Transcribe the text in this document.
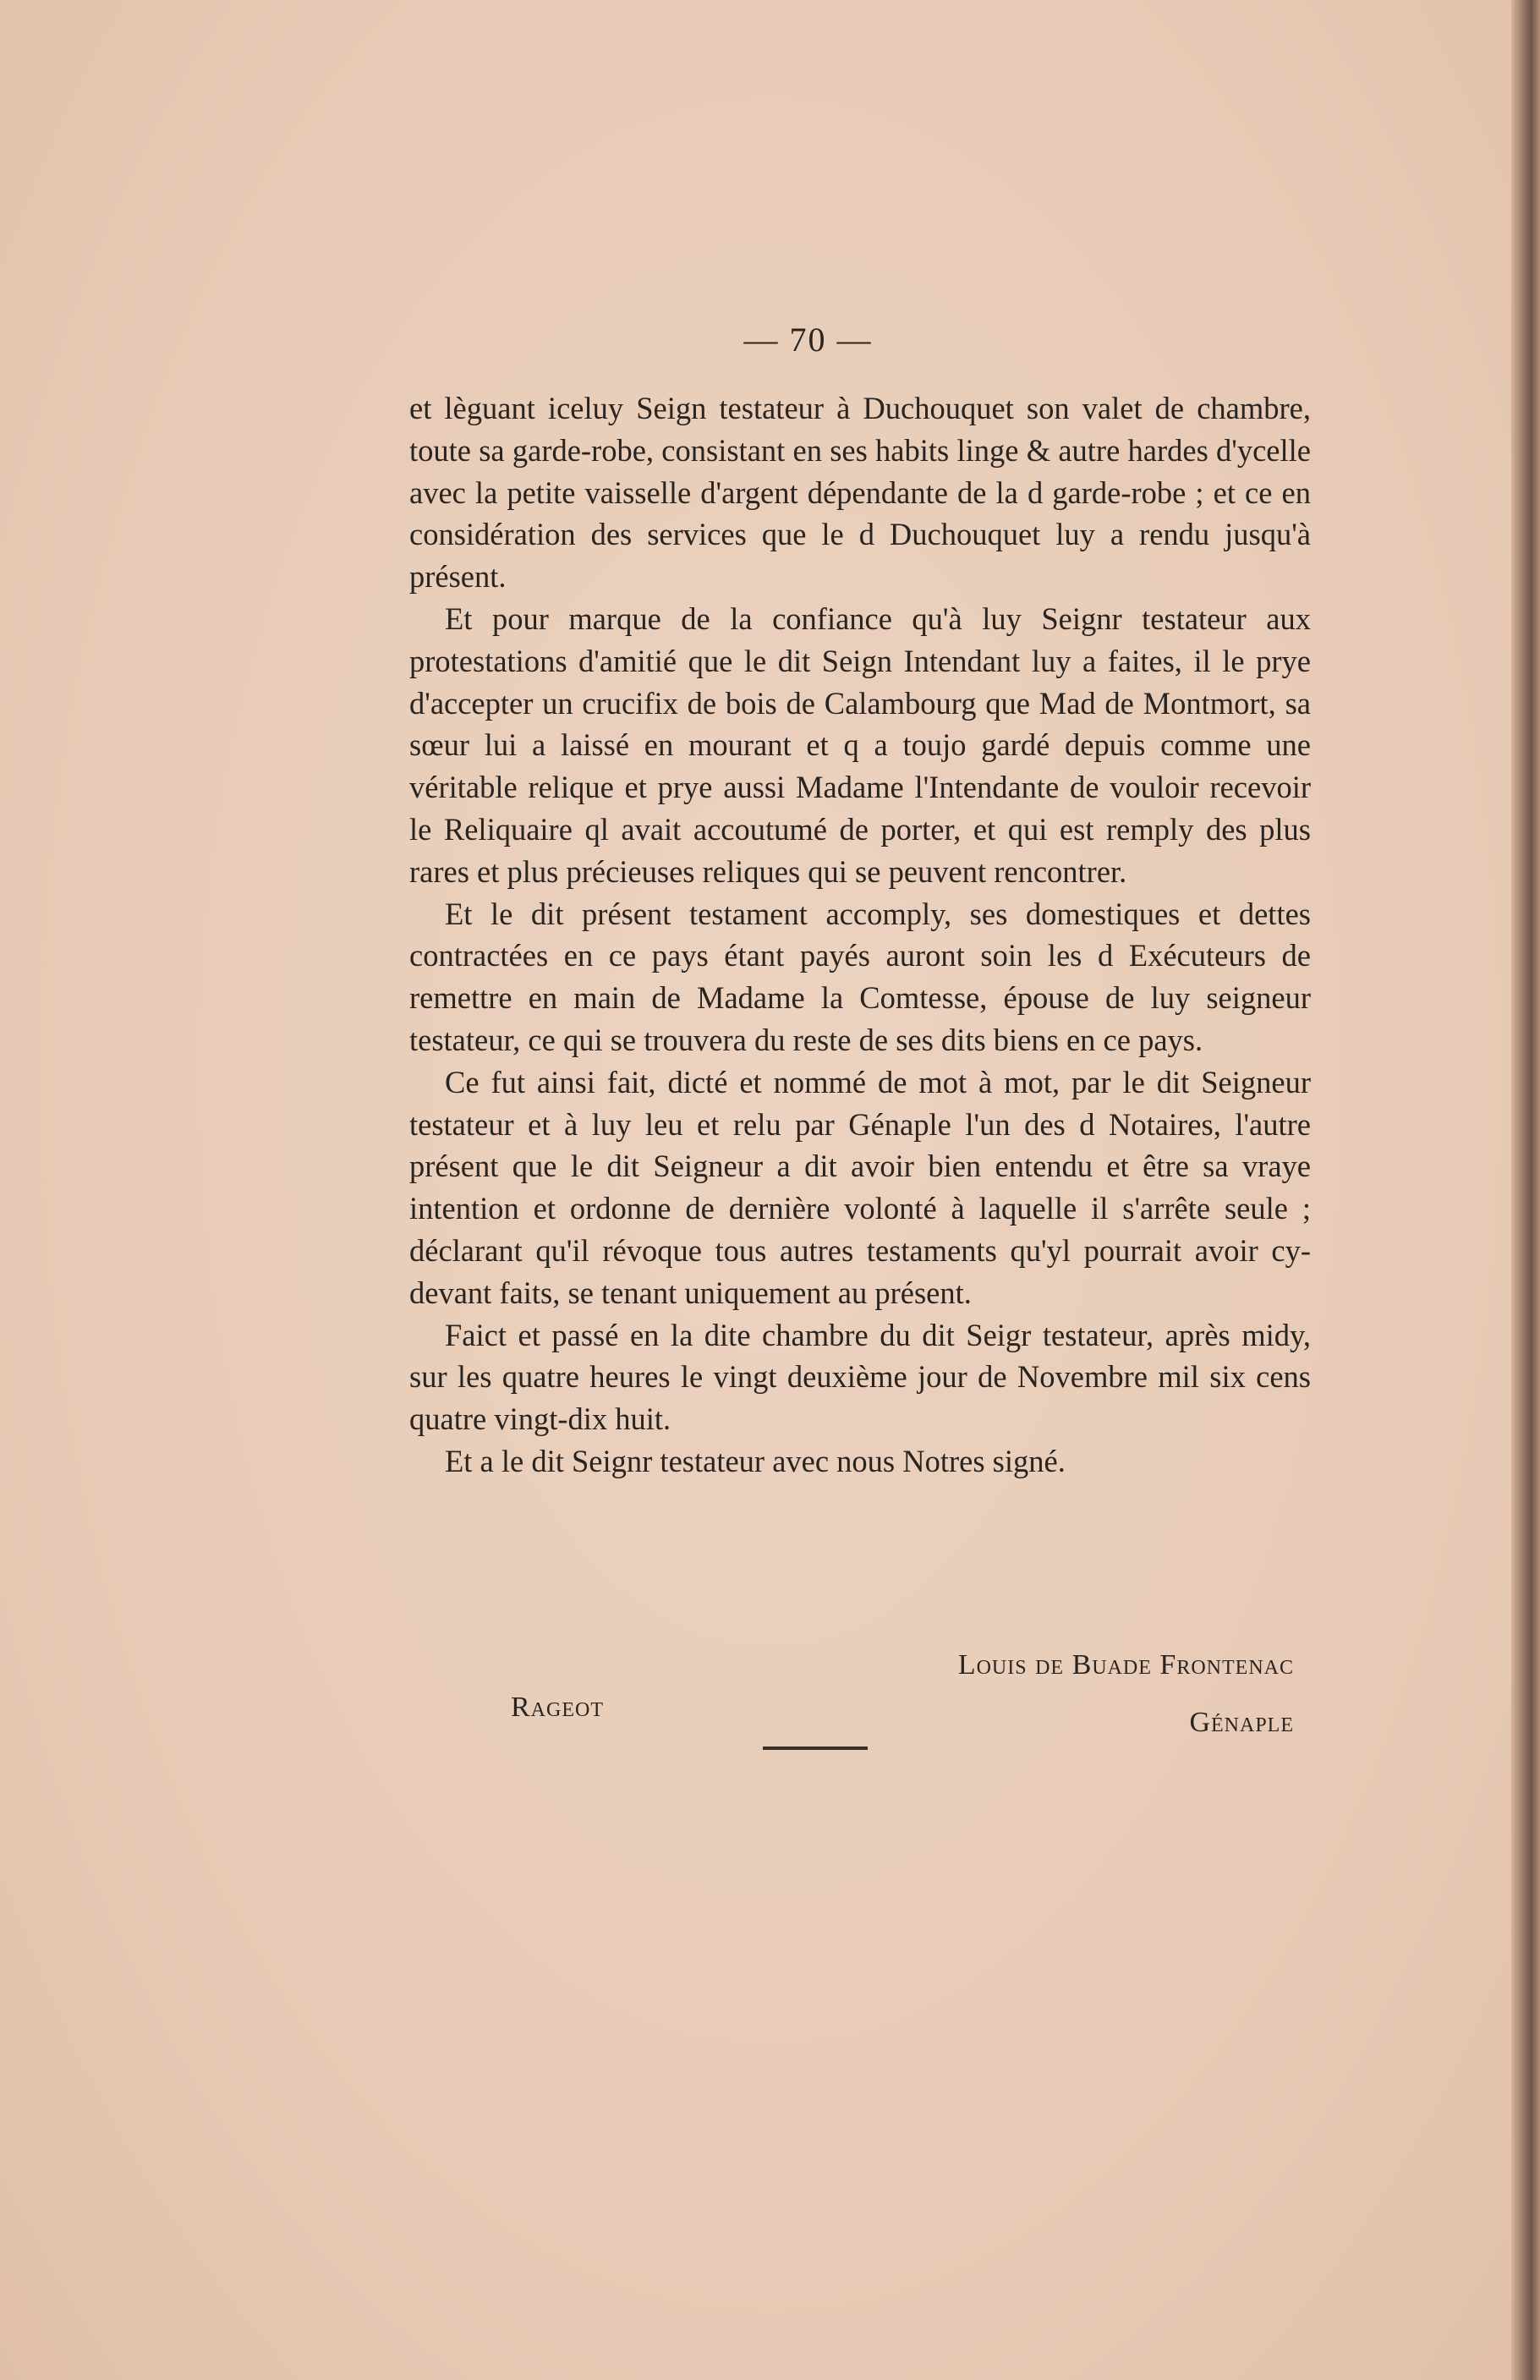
— 70 —

et lèguant iceluy Seign testateur à Duchouquet son valet de chambre, toute sa garde-robe, consistant en ses habits linge & autre hardes d'ycelle avec la petite vaisselle d'argent dépendante de la d garde-robe ; et ce en considération des services que le d Duchouquet luy a rendu jusqu'à présent.

Et pour marque de la confiance qu'à luy Seignr testateur aux protestations d'amitié que le dit Seign Intendant luy a faites, il le prye d'accepter un crucifix de bois de Calambourg que Mad de Montmort, sa sœur lui a laissé en mourant et q a toujo gardé depuis comme une véritable relique et prye aussi Madame l'Intendante de vouloir recevoir le Reliquaire ql avait accoutumé de porter, et qui est remply des plus rares et plus précieuses reliques qui se peuvent rencontrer.

Et le dit présent testament accomply, ses domestiques et dettes contractées en ce pays étant payés auront soin les d Exécuteurs de remettre en main de Madame la Comtesse, épouse de luy seigneur testateur, ce qui se trouvera du reste de ses dits biens en ce pays.

Ce fut ainsi fait, dicté et nommé de mot à mot, par le dit Seigneur testateur et à luy leu et relu par Génaple l'un des d Notaires, l'autre présent que le dit Seigneur a dit avoir bien entendu et être sa vraye intention et ordonne de dernière volonté à laquelle il s'arrête seule ; déclarant qu'il révoque tous autres testaments qu'yl pourrait avoir cy-devant faits, se tenant uniquement au présent.

Faict et passé en la dite chambre du dit Seigr testateur, après midy, sur les quatre heures le vingt deuxième jour de Novembre mil six cens quatre vingt-dix huit.

Et a le dit Seignr testateur avec nous Notres signé.

Louis de Buade Frontenac
Rageot	Génaple
